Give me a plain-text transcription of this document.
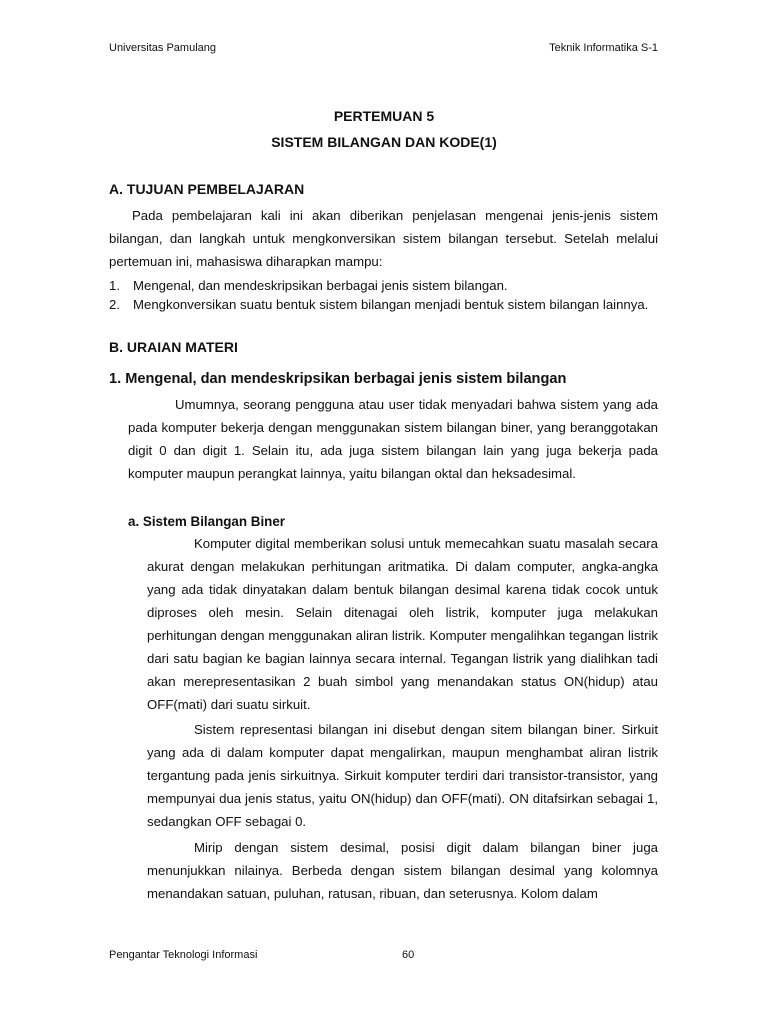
Universitas Pamulang	Teknik Informatika S-1
PERTEMUAN 5
SISTEM BILANGAN DAN KODE(1)
A. TUJUAN PEMBELAJARAN

Pada pembelajaran kali ini akan diberikan penjelasan mengenai jenis-jenis sistem bilangan, dan langkah untuk mengkonversikan sistem bilangan tersebut. Setelah melalui pertemuan ini, mahasiswa diharapkan mampu:

1. Mengenal, dan mendeskripsikan berbagai jenis sistem bilangan.
2. Mengkonversikan suatu bentuk sistem bilangan menjadi bentuk sistem bilangan lainnya.
B. URAIAN MATERI
1. Mengenal, dan mendeskripsikan berbagai jenis sistem bilangan

Umumnya, seorang pengguna atau user tidak menyadari bahwa sistem yang ada pada komputer bekerja dengan menggunakan sistem bilangan biner, yang beranggotakan digit 0 dan digit 1. Selain itu, ada juga sistem bilangan lain yang juga bekerja pada komputer maupun perangkat lainnya, yaitu bilangan oktal dan heksadesimal.

a. Sistem Bilangan Biner

Komputer digital memberikan solusi untuk memecahkan suatu masalah secara akurat dengan melakukan perhitungan aritmatika. Di dalam computer, angka-angka yang ada tidak dinyatakan dalam bentuk bilangan desimal karena tidak cocok untuk diproses oleh mesin. Selain ditenagai oleh listrik, komputer juga melakukan perhitungan dengan menggunakan aliran listrik. Komputer mengalihkan tegangan listrik dari satu bagian ke bagian lainnya secara internal. Tegangan listrik yang dialihkan tadi akan merepresentasikan 2 buah simbol yang menandakan status ON(hidup) atau OFF(mati) dari suatu sirkuit.

Sistem representasi bilangan ini disebut dengan sitem bilangan biner. Sirkuit yang ada di dalam komputer dapat mengalirkan, maupun menghambat aliran listrik tergantung pada jenis sirkuitnya. Sirkuit komputer terdiri dari transistor-transistor, yang mempunyai dua jenis status, yaitu ON(hidup) dan OFF(mati). ON ditafsirkan sebagai 1, sedangkan OFF sebagai 0.

Mirip dengan sistem desimal, posisi digit dalam bilangan biner juga menunjukkan nilainya. Berbeda dengan sistem bilangan desimal yang kolomnya menandakan satuan, puluhan, ratusan, ribuan, dan seterusnya. Kolom dalam

Pengantar Teknologi Informasi	60
